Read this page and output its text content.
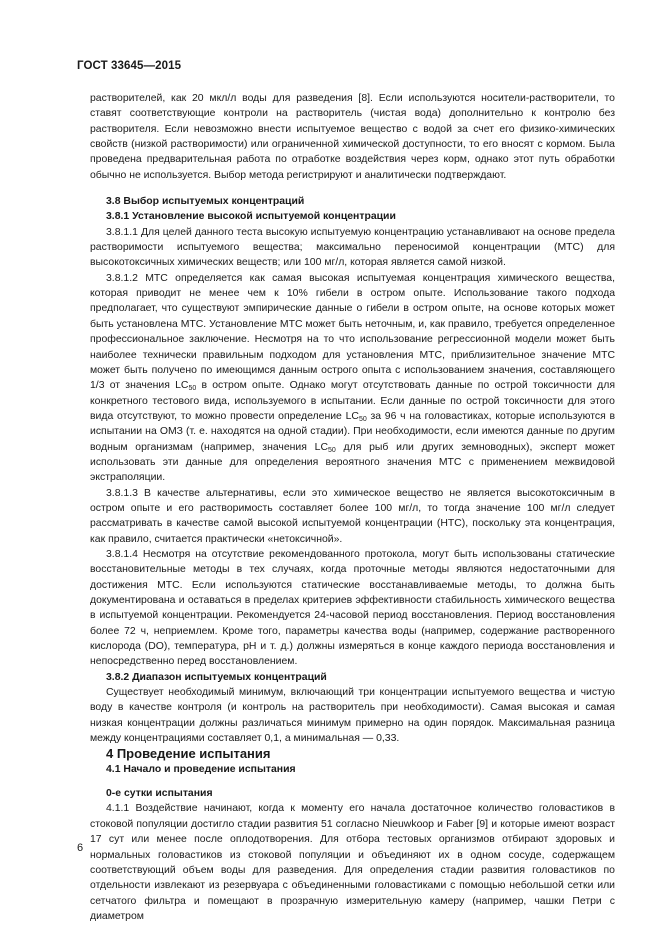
ГОСТ 33645—2015

растворителей, как 20 мкл/л воды для разведения [8]. Если используются носители-растворители, то ставят соответствующие контроли на растворитель (чистая вода) дополнительно к контролю без растворителя. Если невозможно внести испытуемое вещество с водой за счет его физико-химических свойств (низкой растворимости) или ограниченной химической доступности, то его вносят с кормом. Была проведена предварительная работа по отработке воздействия через корм, однако этот путь обработки обычно не используется. Выбор метода регистрируют и аналитически подтверждают.

3.8 Выбор испытуемых концентраций

3.8.1 Установление высокой испытуемой концентрации

3.8.1.1 Для целей данного теста высокую испытуемую концентрацию устанавливают на основе предела растворимости испытуемого вещества; максимально переносимой концентрации (МТС) для высокотоксичных химических веществ; или 100 мг/л, которая является самой низкой.

3.8.1.2 МТС определяется как самая высокая испытуемая концентрация химического вещества, которая приводит не менее чем к 10% гибели в остром опыте. Использование такого подхода предполагает, что существуют эмпирические данные о гибели в остром опыте, на основе которых может быть установлена МТС. Установление МТС может быть неточным, и, как правило, требуется определенное профессиональное заключение. Несмотря на то что использование регрессионной модели может быть наиболее технически правильным подходом для установления МТС, приблизительное значение МТС может быть получено по имеющимся данным острого опыта с использованием значения, составляющего 1/3 от значения $LC_{50}$ в остром опыте. Однако могут отсутствовать данные по острой токсичности для конкретного тестового вида, используемого в испытании. Если данные по острой токсичности для этого вида отсутствуют, то можно провести определение $LC_{50}$ за 96 ч на головастиках, которые используются в испытании на ОМЗ (т. е. находятся на одной стадии). При необходимости, если имеются данные по другим водным организмам (например, значения $LC_{50}$ для рыб или других земноводных), эксперт может использовать эти данные для определения вероятного значения МТС с применением межвидовой экстраполяции.

3.8.1.3 В качестве альтернативы, если это химическое вещество не является высокотоксичным в остром опыте и его растворимость составляет более 100 мг/л, то тогда значение 100 мг/л следует рассматривать в качестве самой высокой испытуемой концентрации (НТС), поскольку эта концентрация, как правило, считается практически «нетоксичной».

3.8.1.4 Несмотря на отсутствие рекомендованного протокола, могут быть использованы статические восстановительные методы в тех случаях, когда проточные методы являются недостаточными для достижения МТС. Если используются статические восстанавливаемые методы, то должна быть документирована и оставаться в пределах критериев эффективности стабильность химического вещества в испытуемой концентрации. Рекомендуется 24-часовой период восстановления. Период восстановления более 72 ч, неприемлем. Кроме того, параметры качества воды (например, содержание растворенного кислорода (DO), температура, pH и т. д.) должны измеряться в конце каждого периода восстановления и непосредственно перед восстановлением.

3.8.2 Диапазон испытуемых концентраций

Существует необходимый минимум, включающий три концентрации испытуемого вещества и чистую воду в качестве контроля (и контроль на растворитель при необходимости). Самая высокая и самая низкая концентрации должны различаться минимум примерно на один порядок. Максимальная разница между концентрациями составляет 0,1, а минимальная — 0,33.

4 Проведение испытания

4.1 Начало и проведение испытания

0-е сутки испытания

4.1.1 Воздействие начинают, когда к моменту его начала достаточное количество головастиков в стоковой популяции достигло стадии развития 51 согласно Nieuwkoop и Faber [9] и которые имеют возраст 17 сут или менее после оплодотворения. Для отбора тестовых организмов отбирают здоровых и нормальных головастиков из стоковой популяции и объединяют их в одном сосуде, содержащем соответствующий объем воды для разведения. Для определения стадии развития головастиков по отдельности извлекают из резервуара с объединенными головастиками с помощью небольшой сетки или сетчатого фильтра и помещают в прозрачную измерительную камеру (например, чашки Петри с диаметром

6
